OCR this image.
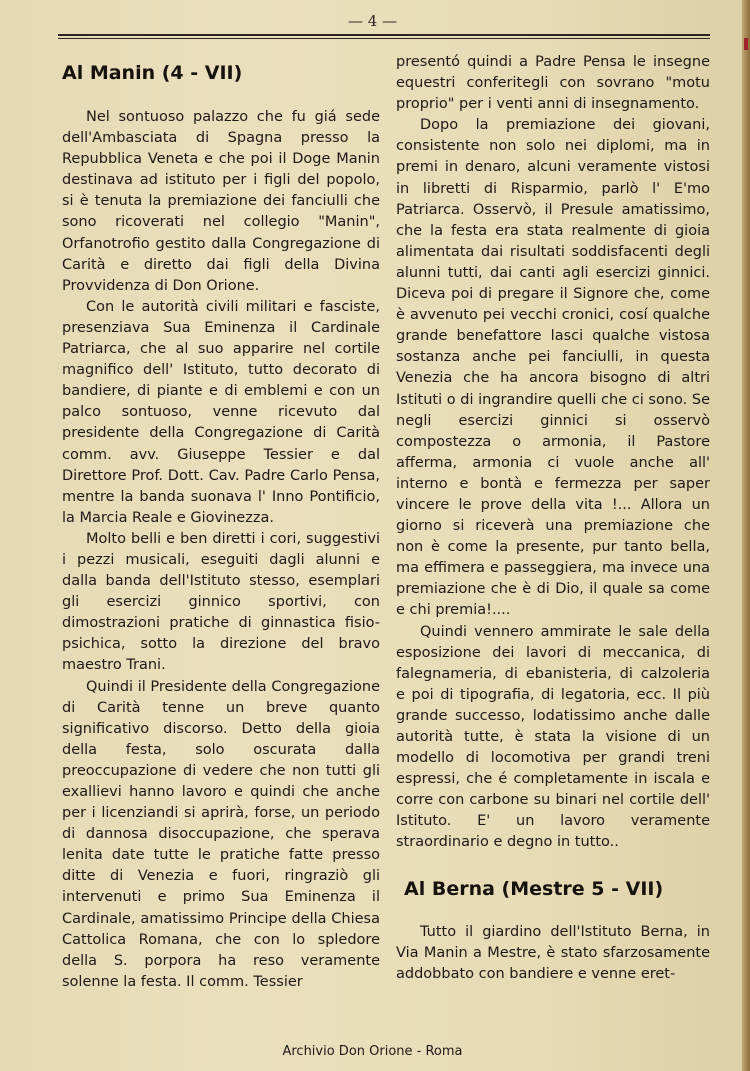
— 4 —
Al Manin (4 - VII)

Nel sontuoso palazzo che fu giá sede dell'Ambasciata di Spagna presso la Repubblica Veneta e che poi il Doge Manin destinava ad istituto per i figli del popolo, si è tenuta la premiazione dei fanciulli che sono ricoverati nel collegio "Manin", Orfanotrofio gestito dalla Congregazione di Carità e diretto dai figli della Divina Provvidenza di Don Orione.

Con le autorità civili militari e fasciste, presenziava Sua Eminenza il Cardinale Patriarca, che al suo apparire nel cortile magnifico dell' Istituto, tutto decorato di bandiere, di piante e di emblemi e con un palco sontuoso, venne ricevuto dal presidente della Congregazione di Carità comm. avv. Giuseppe Tessier e dal Direttore Prof. Dott. Cav. Padre Carlo Pensa, mentre la banda suonava l' Inno Pontificio, la Marcia Reale e Giovinezza.

Molto belli e ben diretti i cori, suggestivi i pezzi musicali, eseguiti dagli alunni e dalla banda dell'Istituto stesso, esemplari gli esercizi ginnico sportivi, con dimostrazioni pratiche di ginnastica fisio-psichica, sotto la direzione del bravo maestro Trani.

Quindi il Presidente della Congregazione di Carità tenne un breve quanto significativo discorso. Detto della gioia della festa, solo oscurata dalla preoccupazione di vedere che non tutti gli exallievi hanno lavoro e quindi che anche per i licenziandi si aprirà, forse, un periodo di dannosa disoccupazione, che sperava lenita date tutte le pratiche fatte presso ditte di Venezia e fuori, ringraziò gli intervenuti e primo Sua Eminenza il Cardinale, amatissimo Principe della Chiesa Cattolica Romana, che con lo spledore della S. porpora ha reso veramente solenne la festa. Il comm. Tessier

presentó quindi a Padre Pensa le insegne equestri conferitegli con sovrano "motu proprio" per i venti anni di insegnamento.

Dopo la premiazione dei giovani, consistente non solo nei diplomi, ma in premi in denaro, alcuni veramente vistosi in libretti di Risparmio, parlò l' E'mo Patriarca. Osservò, il Presule amatissimo, che la festa era stata realmente di gioia alimentata dai risultati soddisfacenti degli alunni tutti, dai canti agli esercizi ginnici. Diceva poi di pregare il Signore che, come è avvenuto pei vecchi cronici, cosí qualche grande benefattore lasci qualche vistosa sostanza anche pei fanciulli, in questa Venezia che ha ancora bisogno di altri Istituti o di ingrandire quelli che ci sono. Se negli esercizi ginnici si osservò compostezza o armonia, il Pastore afferma, armonia ci vuole anche all' interno e bontà e fermezza per saper vincere le prove della vita !... Allora un giorno si riceverà una premiazione che non è come la presente, pur tanto bella, ma effimera e passeggiera, ma invece una premiazione che è di Dio, il quale sa come e chi premia!....

Quindi vennero ammirate le sale della esposizione dei lavori di meccanica, di falegnameria, di ebanisteria, di calzoleria e poi di tipografia, di legatoria, ecc. Il più grande successo, lodatissimo anche dalle autorità tutte, è stata la visione di un modello di locomotiva per grandi treni espressi, che é completamente in iscala e corre con carbone su binari nel cortile dell' Istituto. E' un lavoro veramente straordinario e degno in tutto..

Al Berna (Mestre 5 - VII)

Tutto il giardino dell'Istituto Berna, in Via Manin a Mestre, è stato sfarzosamente addobbato con bandiere e venne eret-

Archivio Don Orione - Roma
